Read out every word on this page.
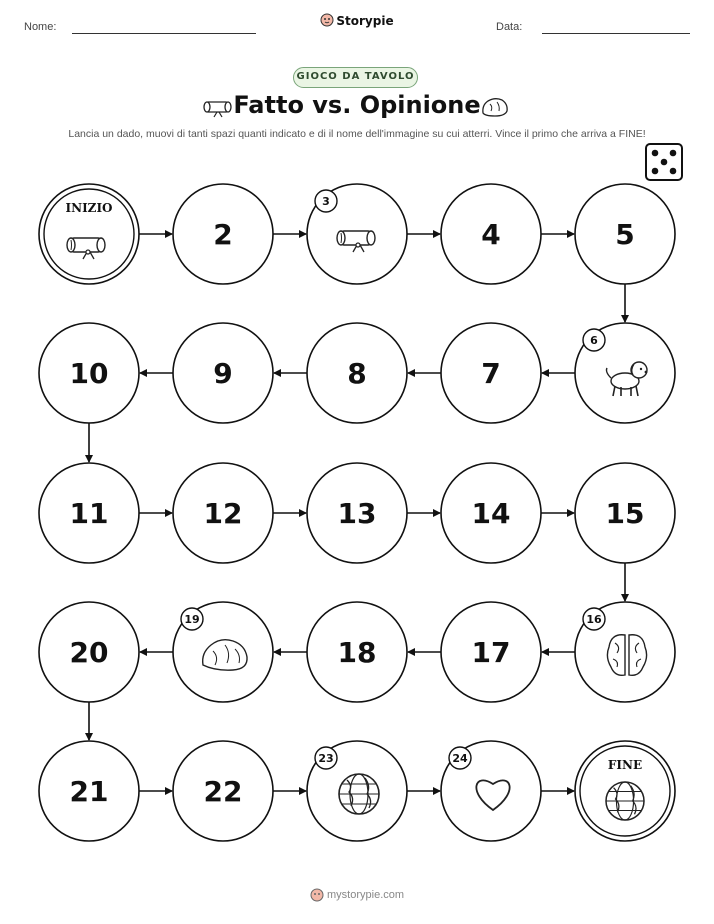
Nome:	Storypie	Data:
GIOCO DA TAVOLO
Fatto vs. Opinione
Lancia un dado, muovi di tanti spazi quanti indicato e di il nome dell'immagine su cui atterri. Vince il primo che arriva a FINE!
INIZIO
2
3
4	5
6
7
8
9
10
11	12	13	14	15
16
17
18
19
20
21	22
23	24	FINE
mystorypie.com
